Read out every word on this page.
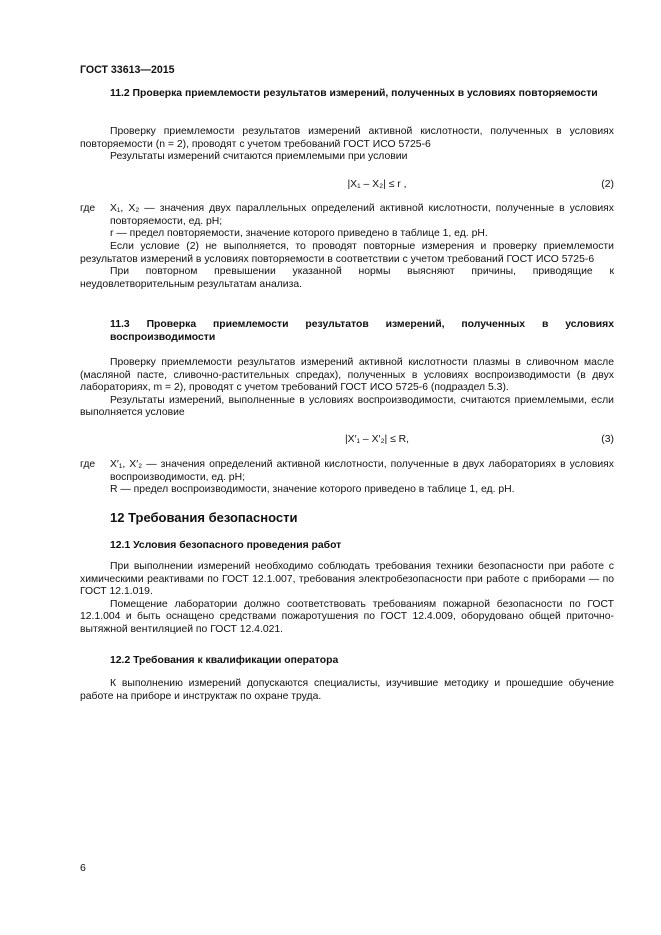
ГОСТ 33613—2015
11.2 Проверка приемлемости результатов измерений, полученных в условиях повторяемости

Проверку приемлемости результатов измерений активной кислотности, полученных в условиях повторяемости (n = 2), проводят с учетом требований ГОСТ ИСО 5725-6

Результаты измерений считаются приемлемыми при условии

|X₁ – X₂| ≤ r ,	(2)
где X₁, X₂ — значения двух параллельных определений активной кислотности, полученные в условиях повторяемости, ед. pH;
r — предел повторяемости, значение которого приведено в таблице 1, ед. pH.

Если условие (2) не выполняется, то проводят повторные измерения и проверку приемлемости результатов измерений в условиях повторяемости в соответствии с учетом требований ГОСТ ИСО 5725-6

При повторном превышении указанной нормы выясняют причины, приводящие к неудовлетворительным результатам анализа.

11.3 Проверка приемлемости результатов измерений, полученных в условиях воспроизводимости

Проверку приемлемости результатов измерений активной кислотности плазмы в сливочном масле (масляной пасте, сливочно-растительных спредах), полученных в условиях воспроизводимости (в двух лабораториях, m = 2), проводят с учетом требований ГОСТ ИСО 5725-6 (подраздел 5.3).

Результаты измерений, выполненные в условиях воспроизводимости, считаются приемлемыми, если выполняется условие

|X′₁ – X′₂| ≤ R,	(3)
где X′₁, X′₂ — значения определений активной кислотности, полученные в двух лабораториях в условиях воспроизводимости, ед. pH;
R — предел воспроизводимости, значение которого приведено в таблице 1, ед. pH.
12 Требования безопасности
12.1 Условия безопасного проведения работ

При выполнении измерений необходимо соблюдать требования техники безопасности при работе с химическими реактивами по ГОСТ 12.1.007, требования электробезопасности при работе с приборами — по ГОСТ 12.1.019.

Помещение лаборатории должно соответствовать требованиям пожарной безопасности по ГОСТ 12.1.004 и быть оснащено средствами пожаротушения по ГОСТ 12.4.009, оборудовано общей приточно-вытяжной вентиляцией по ГОСТ 12.4.021.

12.2 Требования к квалификации оператора

К выполнению измерений допускаются специалисты, изучившие методику и прошедшие обучение работе на приборе и инструктаж по охране труда.

6
